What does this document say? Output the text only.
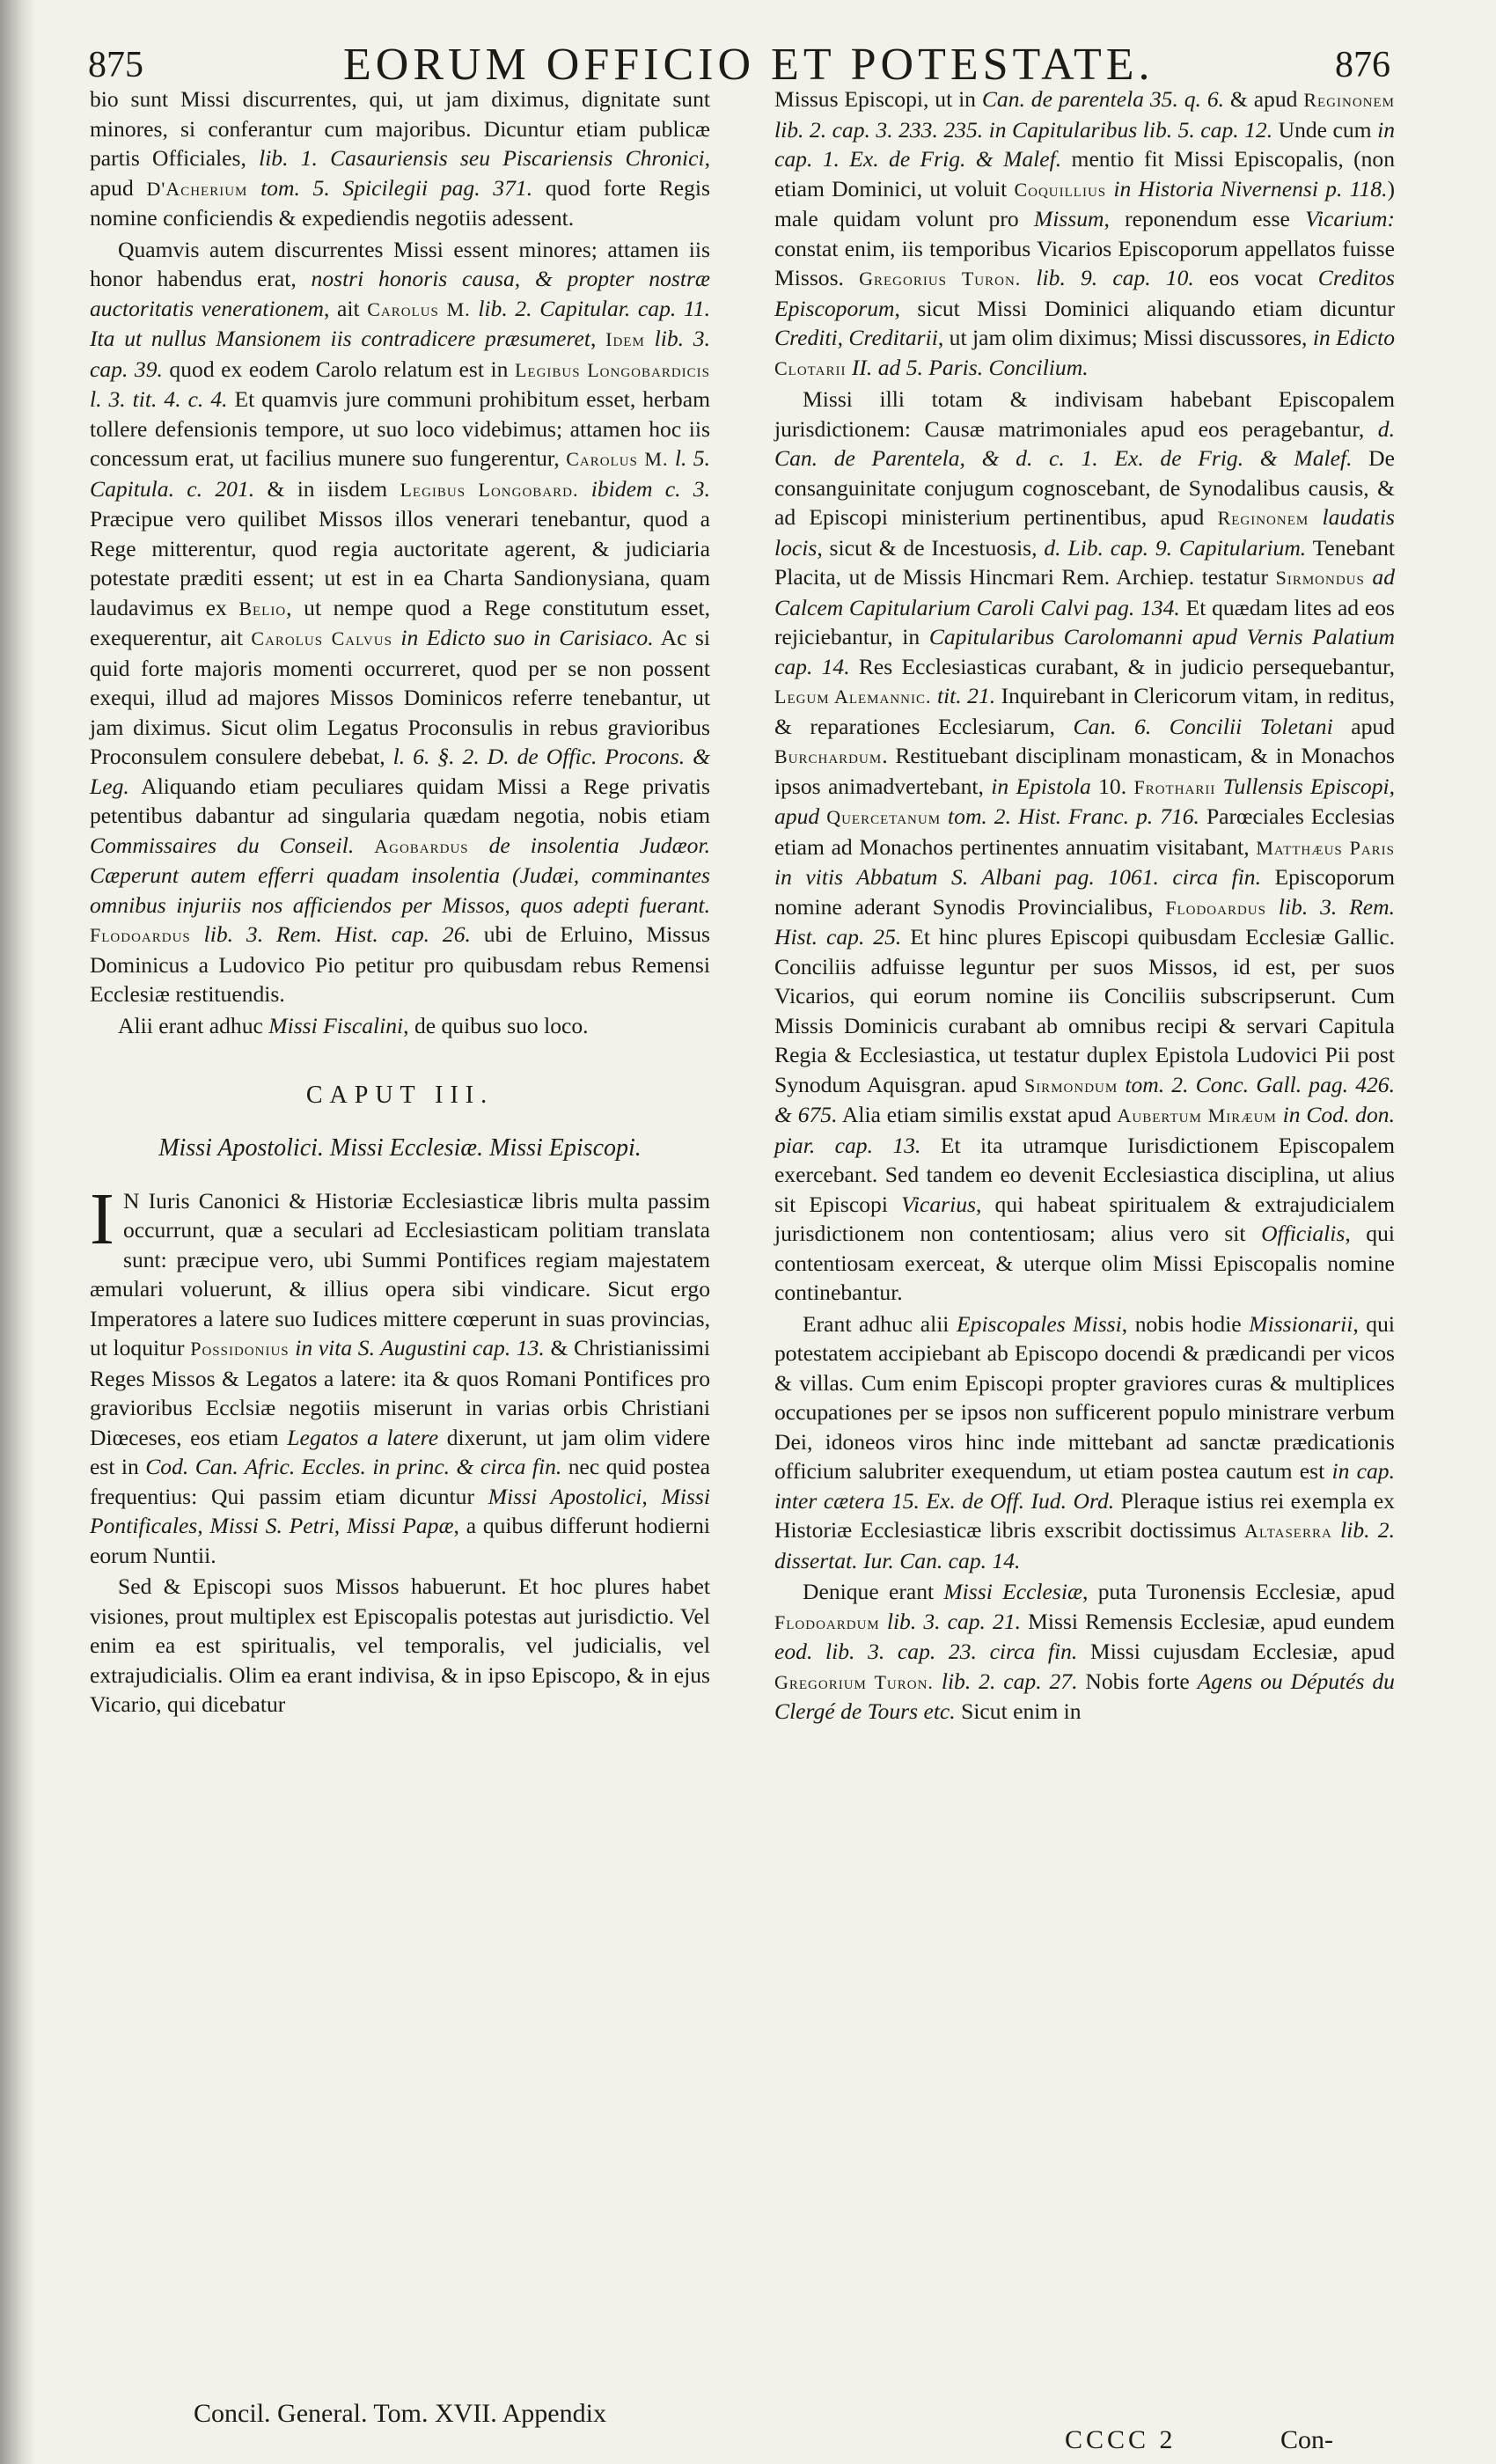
875	EORUM OFFICIO ET POTESTATE.	876

bio sunt Missi discurrentes, qui, ut jam diximus, dignitate sunt minores, si conferantur cum majoribus. Dicuntur etiam publicæ partis Officiales, lib. 1. Casauriensis seu Piscariensis Chronici, apud D'Acherium tom. 5. Spicilegii pag. 371. quod forte Regis nomine conficiendis & expediendis negotiis adessent.

Quamvis autem discurrentes Missi essent minores; attamen iis honor habendus erat, nostri honoris causa, & propter nostræ auctoritatis venerationem, ait Carolus M. lib. 2. Capitular. cap. 11. Ita ut nullus Mansionem iis contradicere præsumeret, Idem lib. 3. cap. 39. quod ex eodem Carolo relatum est in Legibus Longobardicis l. 3. tit. 4. c. 4. Et quamvis jure communi prohibitum esset, herbam tollere defensionis tempore, ut suo loco videbimus; attamen hoc iis concessum erat, ut facilius munere suo fungerentur, Carolus M. l. 5. Capitula. c. 201. & in iisdem Legibus Longobard. ibidem c. 3. Præcipue vero quilibet Missos illos venerari tenebantur, quod a Rege mitterentur, quod regia auctoritate agerent, & judiciaria potestate præditi essent; ut est in ea Charta Sandionysiana, quam laudavimus ex Belio, ut nempe quod a Rege constitutum esset, exequerentur, ait Carolus Calvus in Edicto suo in Carisiaco. Ac si quid forte majoris momenti occurreret, quod per se non possent exequi, illud ad majores Missos Dominicos referre tenebantur, ut jam diximus. Sicut olim Legatus Proconsulis in rebus gravioribus Proconsulem consulere debebat, l. 6. §. 2. D. de Offic. Procons. & Leg. Aliquando etiam peculiares quidam Missi a Rege privatis petentibus dabantur ad singularia quædam negotia, nobis etiam Commissaires du Conseil. Agobardus de insolentia Judæor. Cæperunt autem efferri quadam insolentia (Judæi, comminantes omnibus injuriis nos afficiendos per Missos, quos adepti fuerant. Flodoardus lib. 3. Rem. Hist. cap. 26. ubi de Erluino, Missus Dominicus a Ludovico Pio petitur pro quibusdam rebus Remensi Ecclesiæ restituendis.

Alii erant adhuc Missi Fiscalini, de quibus suo loco.

CAPUT III.
Missi Apostolici. Missi Ecclesiæ. Missi Episcopi.

I N Iuris Canonici & Historiæ Ecclesiasticæ libris multa passim occurrunt, quæ a seculari ad Ecclesiasticam politiam translata sunt: præcipue vero, ubi Summi Pontifices regiam majestatem æmulari voluerunt, & illius opera sibi vindicare. Sicut ergo Imperatores a latere suo Iudices mittere cœperunt in suas provincias, ut loquitur Possidonius in vita S. Augustini cap. 13. & Christianissimi Reges Missos & Legatos a latere: ita & quos Romani Pontifices pro gravioribus Ecclsiæ negotiis miserunt in varias orbis Christiani Diœceses, eos etiam Legatos a latere dixerunt, ut jam olim videre est in Cod. Can. Afric. Eccles. in princ. & circa fin. nec quid postea frequentius: Qui passim etiam dicuntur Missi Apostolici, Missi Pontificales, Missi S. Petri, Missi Papæ, a quibus differunt hodierni eorum Nuntii.

Sed & Episcopi suos Missos habuerunt. Et hoc plures habet visiones, prout multiplex est Episcopalis potestas aut jurisdictio. Vel enim ea est spiritualis, vel temporalis, vel judicialis, vel extrajudicialis. Olim ea erant indivisa, & in ipso Episcopo, & in ejus Vicario, qui dicebatur

Missus Episcopi, ut in Can. de parentela 35. q. 6. & apud Reginonem lib. 2. cap. 3. 233. 235. in Capitularibus lib. 5. cap. 12. Unde cum in cap. 1. Ex. de Frig. & Malef. mentio fit Missi Episcopalis, (non etiam Dominici, ut voluit Coquillius in Historia Nivernensi p. 118.) male quidam volunt pro Missum, reponendum esse Vicarium: constat enim, iis temporibus Vicarios Episcoporum appellatos fuisse Missos. Gregorius Turon. lib. 9. cap. 10. eos vocat Creditos Episcoporum, sicut Missi Dominici aliquando etiam dicuntur Crediti, Creditarii, ut jam olim diximus; Missi discussores, in Edicto Clotarii II. ad 5. Paris. Concilium.

Missi illi totam & indivisam habebant Episcopalem jurisdictionem: Causæ matrimoniales apud eos peragebantur, d. Can. de Parentela, & d. c. 1. Ex. de Frig. & Malef. De consanguinitate conjugum cognoscebant, de Synodalibus causis, & ad Episcopi ministerium pertinentibus, apud Reginonem laudatis locis, sicut & de Incestuosis, d. Lib. cap. 9. Capitularium. Tenebant Placita, ut de Missis Hincmari Rem. Archiep. testatur Sirmondus ad Calcem Capitularium Caroli Calvi pag. 134. Et quædam lites ad eos rejiciebantur, in Capitularibus Carolomanni apud Vernis Palatium cap. 14. Res Ecclesiasticas curabant, & in judicio persequebantur, Legum Alemannic. tit. 21. Inquirebant in Clericorum vitam, in reditus, & reparationes Ecclesiarum, Can. 6. Concilii Toletani apud Burchardum. Restituebant disciplinam monasticam, & in Monachos ipsos animadvertebant, in Epistola 10. Frotharii Tullensis Episcopi, apud Quercetanum tom. 2. Hist. Franc. p. 716. Parœciales Ecclesias etiam ad Monachos pertinentes annuatim visitabant, Matthæus Paris in vitis Abbatum S. Albani pag. 1061. circa fin. Episcoporum nomine aderant Synodis Provincialibus, Flodoardus lib. 3. Rem. Hist. cap. 25. Et hinc plures Episcopi quibusdam Ecclesiæ Gallic. Conciliis adfuisse leguntur per suos Missos, id est, per suos Vicarios, qui eorum nomine iis Conciliis subscripserunt. Cum Missis Dominicis curabant ab omnibus recipi & servari Capitula Regia & Ecclesiastica, ut testatur duplex Epistola Ludovici Pii post Synodum Aquisgran. apud Sirmondum tom. 2. Conc. Gall. pag. 426. & 675. Alia etiam similis exstat apud Aubertum Miræum in Cod. don. piar. cap. 13. Et ita utramque Iurisdictionem Episcopalem exercebant. Sed tandem eo devenit Ecclesiastica disciplina, ut alius sit Episcopi Vicarius, qui habeat spiritualem & extrajudicialem jurisdictionem non contentiosam; alius vero sit Officialis, qui contentiosam exerceat, & uterque olim Missi Episcopalis nomine continebantur.

Erant adhuc alii Episcopales Missi, nobis hodie Missionarii, qui potestatem accipiebant ab Episcopo docendi & prædicandi per vicos & villas. Cum enim Episcopi propter graviores curas & multiplices occupationes per se ipsos non sufficerent populo ministrare verbum Dei, idoneos viros hinc inde mittebant ad sanctæ prædicationis officium salubriter exequendum, ut etiam postea cautum est in cap. inter cætera 15. Ex. de Off. Iud. Ord. Pleraque istius rei exempla ex Historiæ Ecclesiasticæ libris exscribit doctissimus Altaserra lib. 2. dissertat. Iur. Can. cap. 14.

Denique erant Missi Ecclesiæ, puta Turonensis Ecclesiæ, apud Flodoardum lib. 3. cap. 21. Missi Remensis Ecclesiæ, apud eundem eod. lib. 3. cap. 23. circa fin. Missi cujusdam Ecclesiæ, apud Gregorium Turon. lib. 2. cap. 27. Nobis forte Agens ou Députés du Clergé de Tours etc. Sicut enim in

Concil. General. Tom. XVII. Appendix
CCCC 2	Con-
